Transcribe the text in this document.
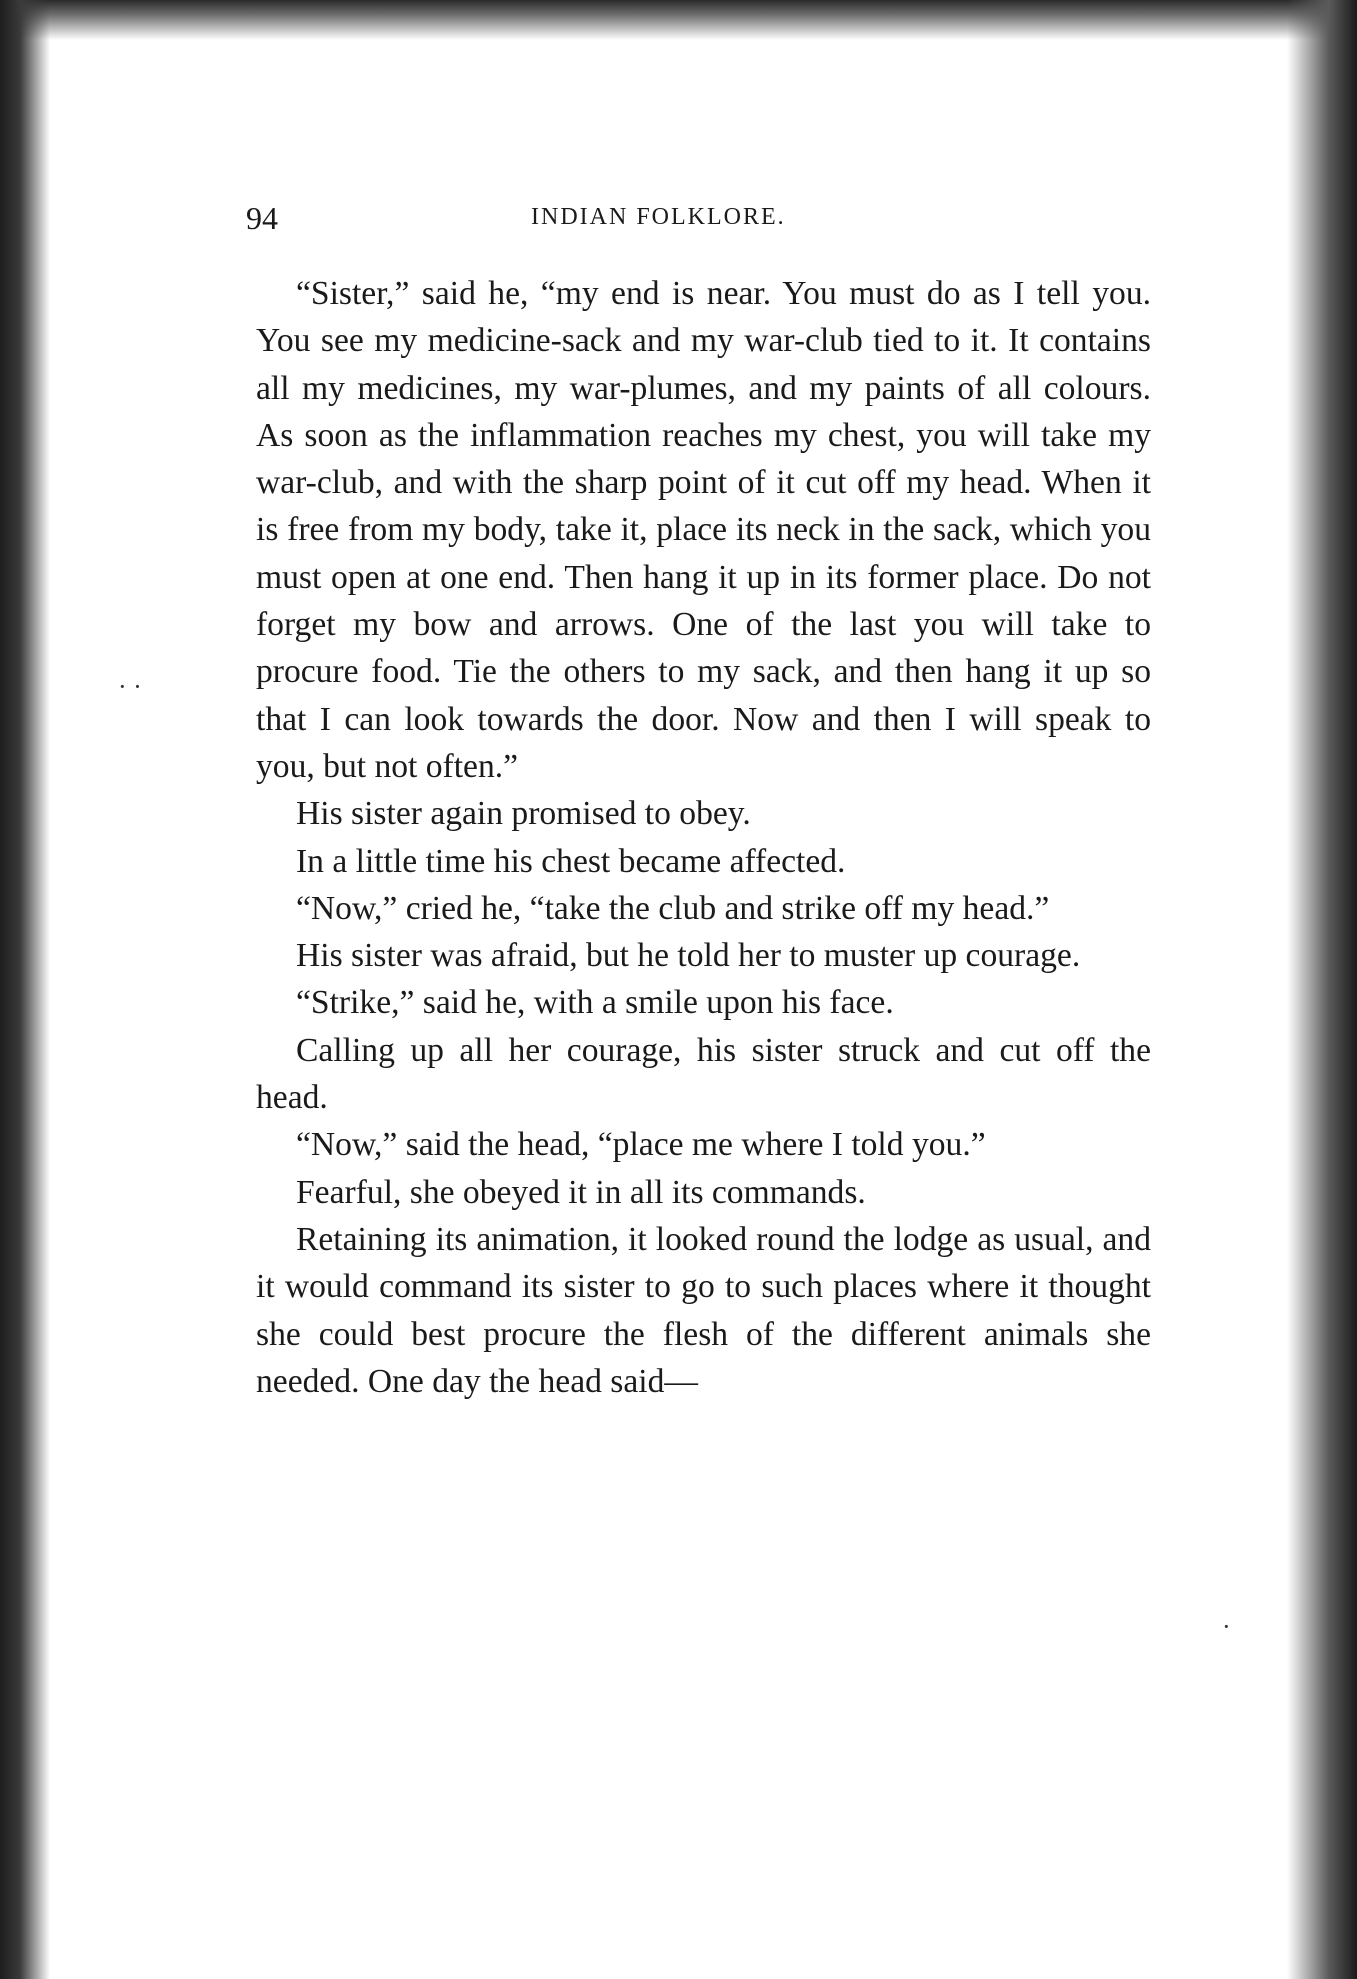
94	INDIAN FOLKLORE.
· ·
·

“Sister,” said he, “my end is near. You must do as I tell you. You see my medicine-sack and my war-club tied to it. It contains all my medicines, my war-plumes, and my paints of all colours. As soon as the inflammation reaches my chest, you will take my war-club, and with the sharp point of it cut off my head. When it is free from my body, take it, place its neck in the sack, which you must open at one end. Then hang it up in its former place. Do not forget my bow and arrows. One of the last you will take to procure food. Tie the others to my sack, and then hang it up so that I can look towards the door. Now and then I will speak to you, but not often.”

His sister again promised to obey.

In a little time his chest became affected.

“Now,” cried he, “take the club and strike off my head.”

His sister was afraid, but he told her to muster up courage.

“Strike,” said he, with a smile upon his face.

Calling up all her courage, his sister struck and cut off the head.

“Now,” said the head, “place me where I told you.”

Fearful, she obeyed it in all its commands.

Retaining its animation, it looked round the lodge as usual, and it would command its sister to go to such places where it thought she could best procure the flesh of the different animals she needed. One day the head said—
